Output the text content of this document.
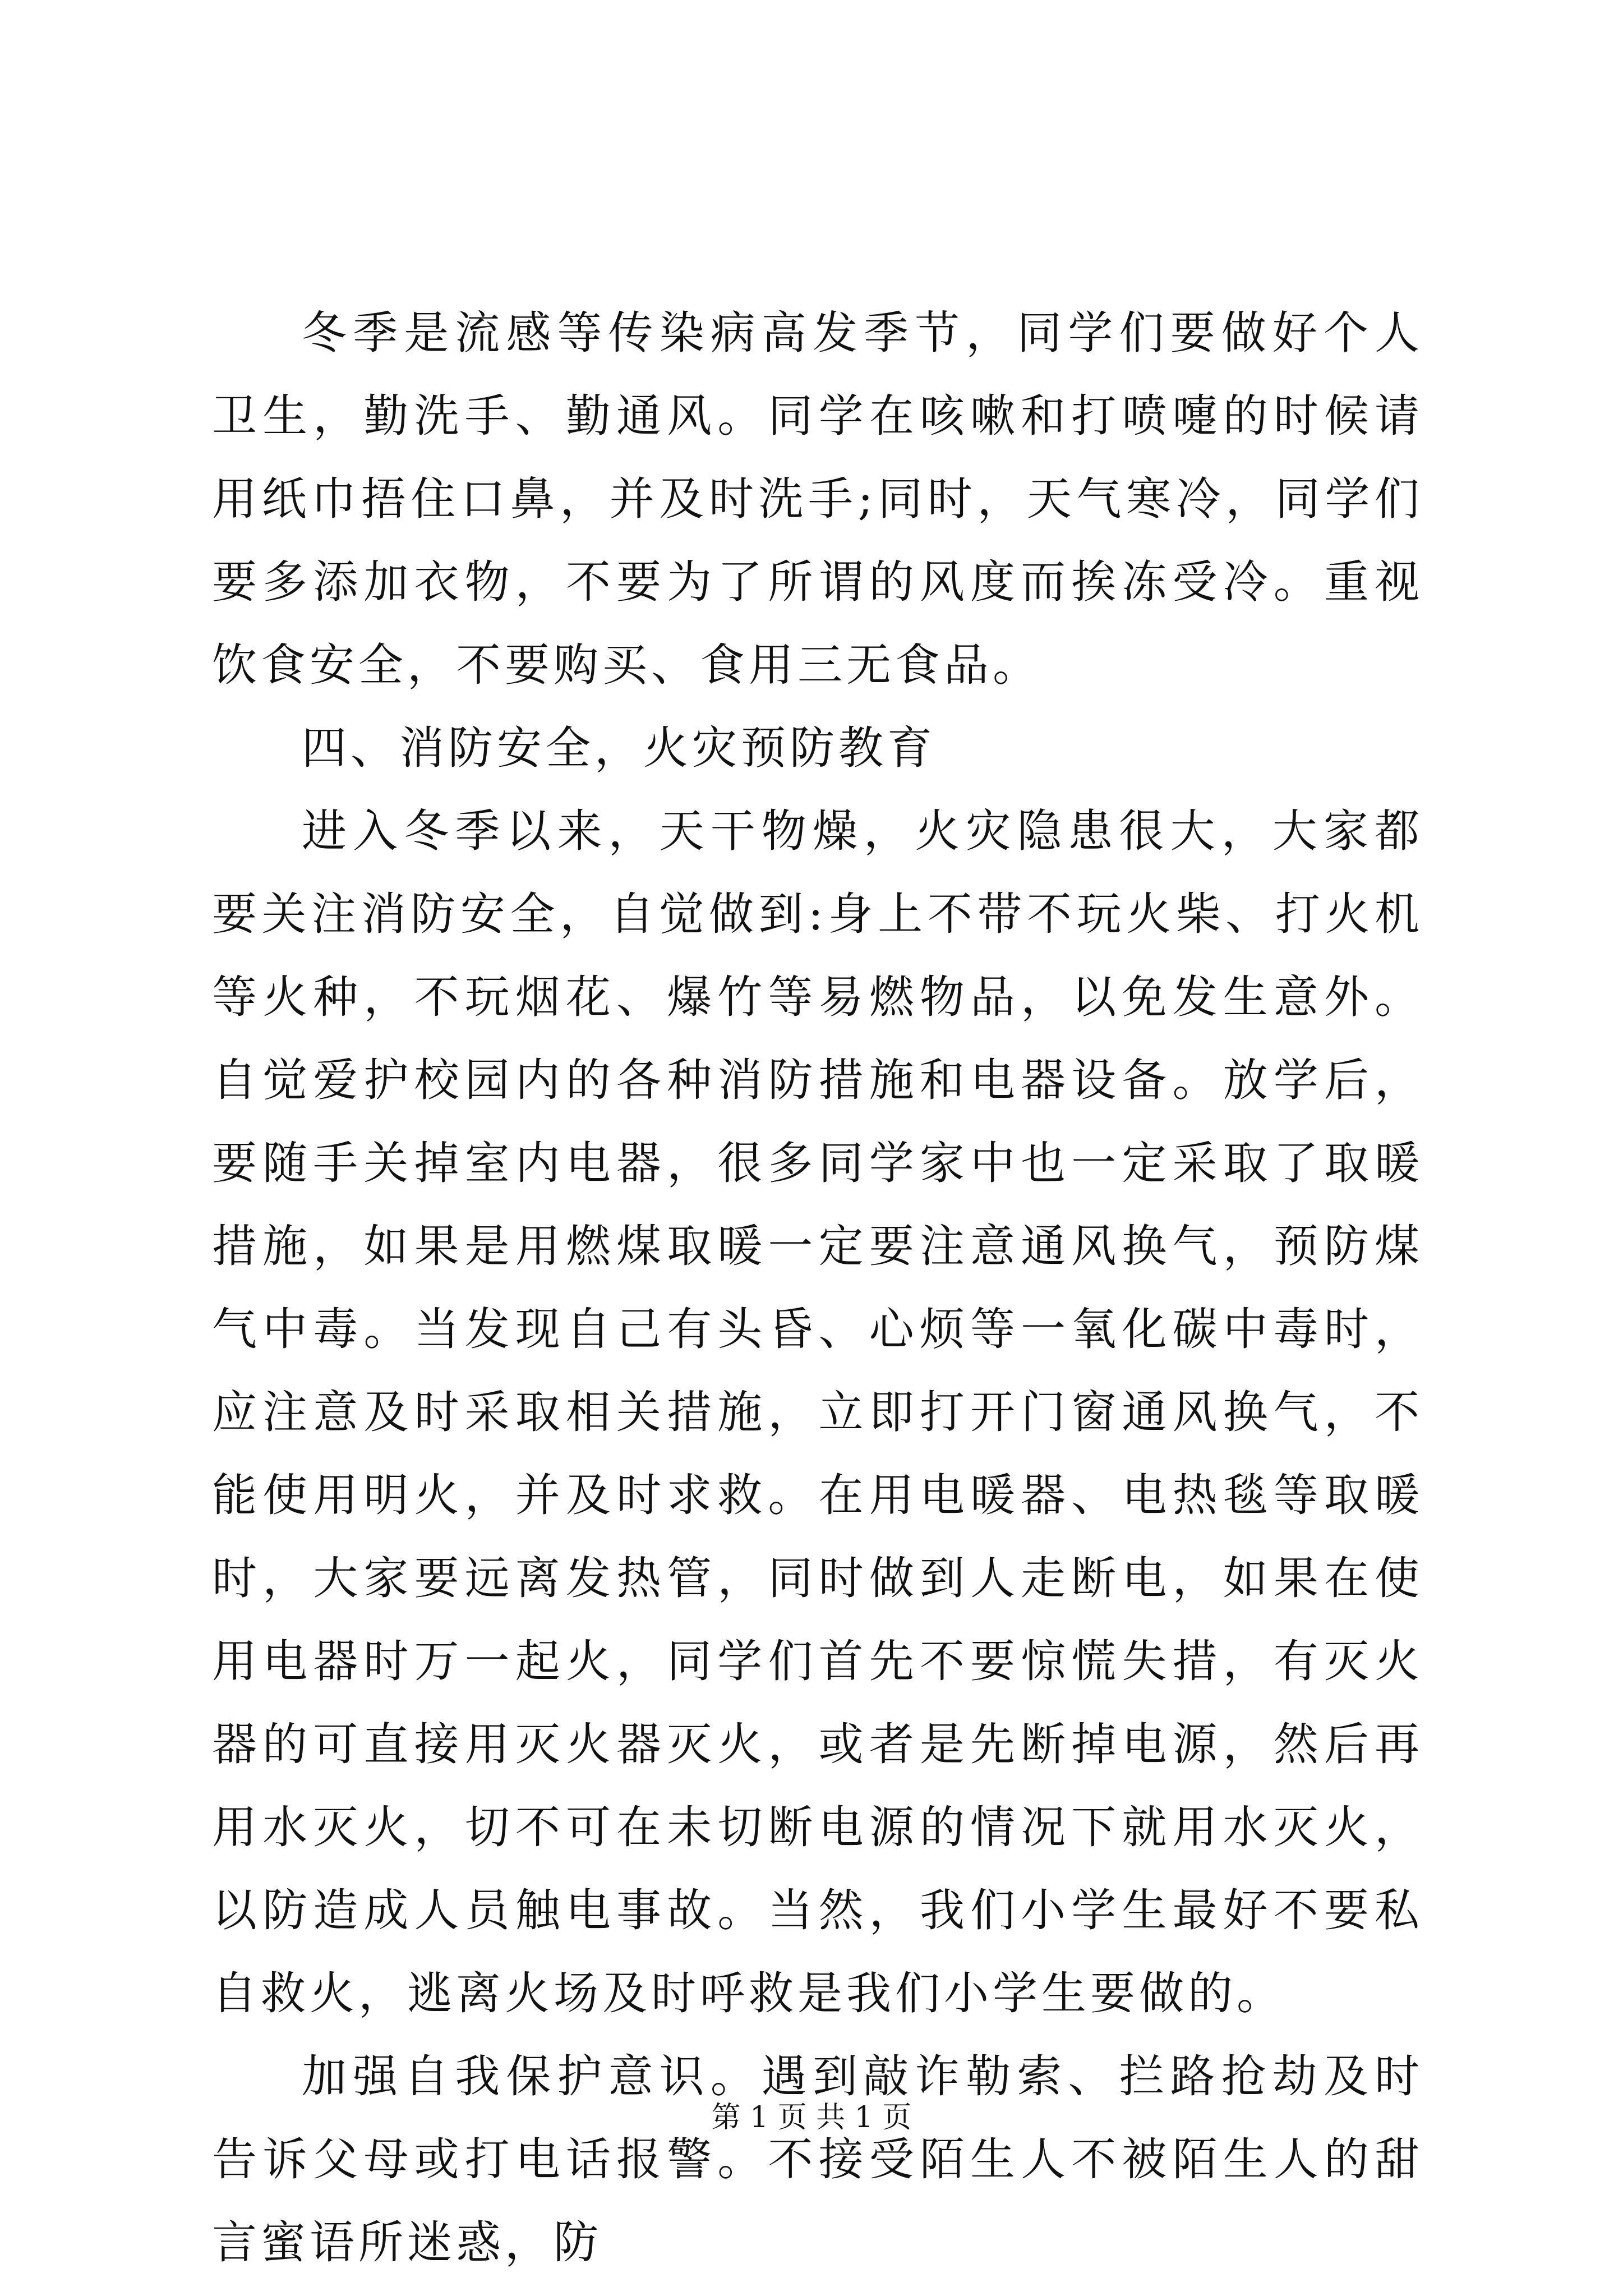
冬季是流感等传染病高发季节，同学们要做好个人卫生，勤洗手、勤通风。同学在咳嗽和打喷嚏的时候请用纸巾捂住口鼻，并及时洗手;同时，天气寒冷，同学们要多添加衣物，不要为了所谓的风度而挨冻受冷。重视饮食安全，不要购买、食用三无食品。

四、消防安全，火灾预防教育

进入冬季以来，天干物燥，火灾隐患很大，大家都要关注消防安全，自觉做到:身上不带不玩火柴、打火机等火种，不玩烟花、爆竹等易燃物品，以免发生意外。自觉爱护校园内的各种消防措施和电器设备。放学后，要随手关掉室内电器，很多同学家中也一定采取了取暖措施，如果是用燃煤取暖一定要注意通风换气，预防煤气中毒。当发现自己有头昏、心烦等一氧化碳中毒时，应注意及时采取相关措施，立即打开门窗通风换气，不能使用明火，并及时求救。在用电暖器、电热毯等取暖时，大家要远离发热管，同时做到人走断电，如果在使用电器时万一起火，同学们首先不要惊慌失措，有灭火器的可直接用灭火器灭火，或者是先断掉电源，然后再用水灭火，切不可在未切断电源的情况下就用水灭火，以防造成人员触电事故。当然，我们小学生最好不要私自救火，逃离火场及时呼救是我们小学生要做的。

加强自我保护意识。遇到敲诈勒索、拦路抢劫及时告诉父母或打电话报警。不接受陌生人不被陌生人的甜言蜜语所迷惑，防

第 1 页 共 1 页
